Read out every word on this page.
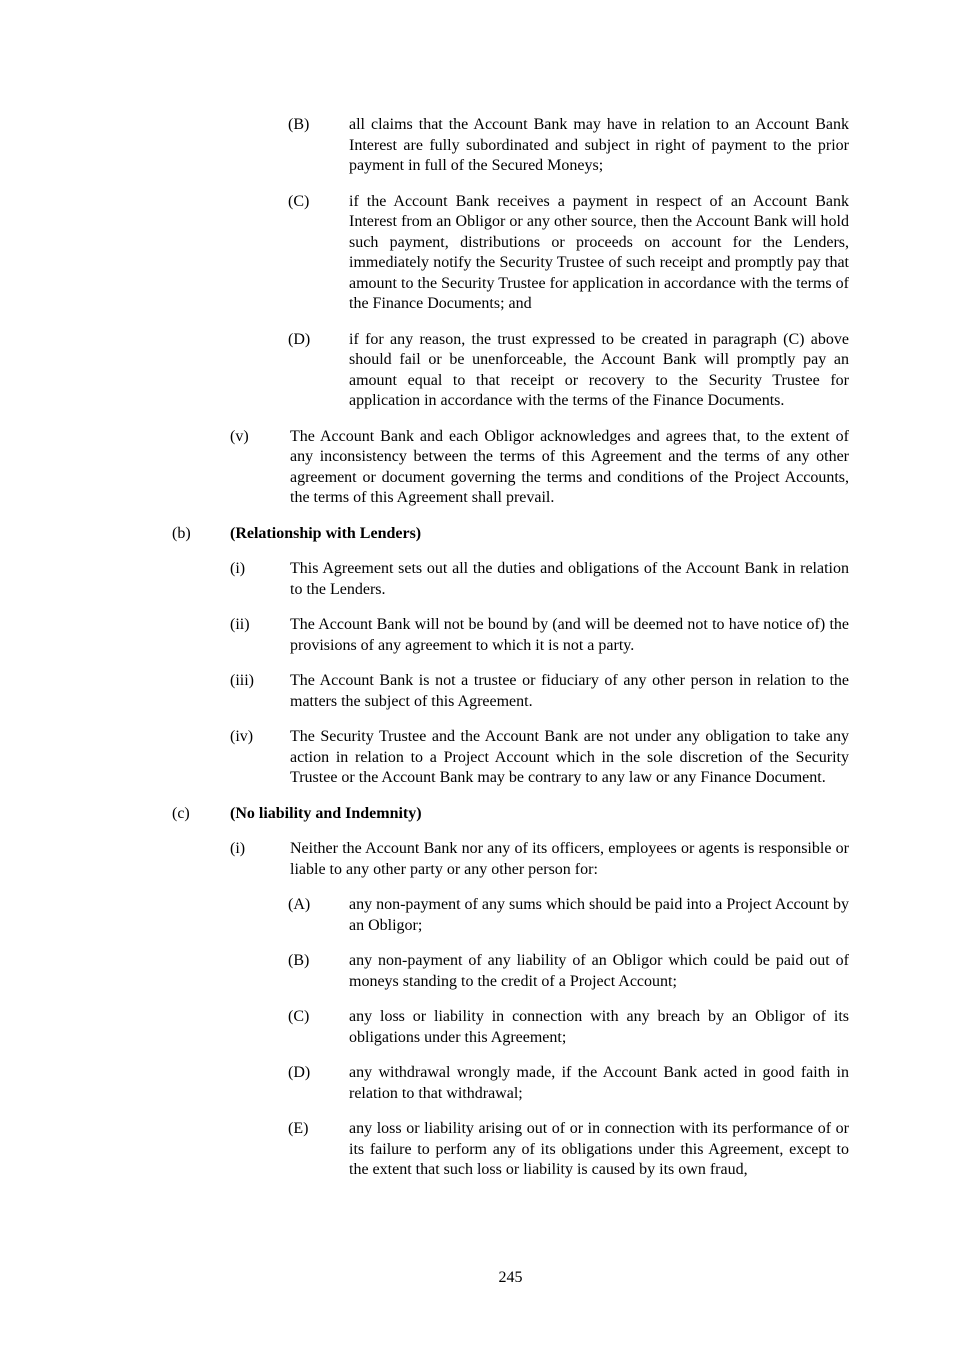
(B)	all claims that the Account Bank may have in relation to an Account Bank Interest are fully subordinated and subject in right of payment to the prior payment in full of the Secured Moneys;
(C)	if the Account Bank receives a payment in respect of an Account Bank Interest from an Obligor or any other source, then the Account Bank will hold such payment, distributions or proceeds on account for the Lenders, immediately notify the Security Trustee of such receipt and promptly pay that amount to the Security Trustee for application in accordance with the terms of the Finance Documents; and
(D)	if for any reason, the trust expressed to be created in paragraph (C) above should fail or be unenforceable, the Account Bank will promptly pay an amount equal to that receipt or recovery to the Security Trustee for application in accordance with the terms of the Finance Documents.
(v)	The Account Bank and each Obligor acknowledges and agrees that, to the extent of any inconsistency between the terms of this Agreement and the terms of any other agreement or document governing the terms and conditions of the Project Accounts, the terms of this Agreement shall prevail.
(b)	(Relationship with Lenders)
(i)	This Agreement sets out all the duties and obligations of the Account Bank in relation to the Lenders.
(ii)	The Account Bank will not be bound by (and will be deemed not to have notice of) the provisions of any agreement to which it is not a party.
(iii)	The Account Bank is not a trustee or fiduciary of any other person in relation to the matters the subject of this Agreement.
(iv)	The Security Trustee and the Account Bank are not under any obligation to take any action in relation to a Project Account which in the sole discretion of the Security Trustee or the Account Bank may be contrary to any law or any Finance Document.
(c)	(No liability and Indemnity)
(i)	Neither the Account Bank nor any of its officers, employees or agents is responsible or liable to any other party or any other person for:
(A)	any non-payment of any sums which should be paid into a Project Account by an Obligor;
(B)	any non-payment of any liability of an Obligor which could be paid out of moneys standing to the credit of a Project Account;
(C)	any loss or liability in connection with any breach by an Obligor of its obligations under this Agreement;
(D)	any withdrawal wrongly made, if the Account Bank acted in good faith in relation to that withdrawal;
(E)	any loss or liability arising out of or in connection with its performance of or its failure to perform any of its obligations under this Agreement, except to the extent that such loss or liability is caused by its own fraud,
245
